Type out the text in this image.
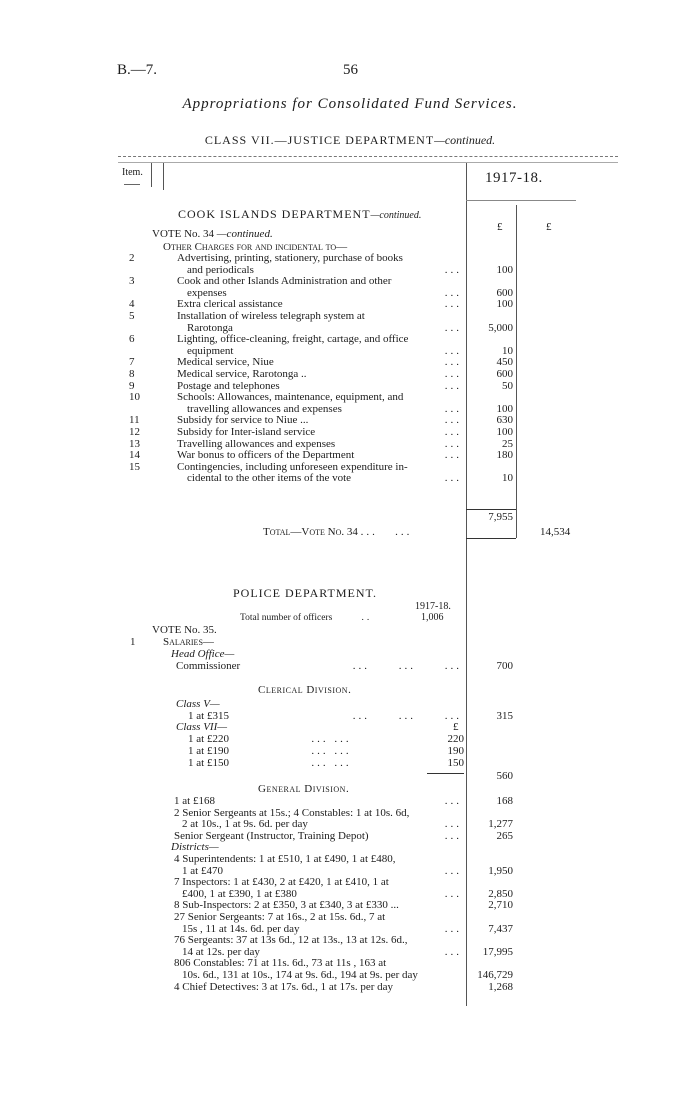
B.—7.	56
Appropriations for Consolidated Fund Services.
CLASS VII.—JUSTICE DEPARTMENT—continued.
Item.	1917-18.
£	£
COOK ISLANDS DEPARTMENT—continued.
VOTE No. 34 —continued.
Other Charges for and incidental to—
2	Advertising, printing, stationery, purchase of books	

	and periodicals ...	100
3	Cook and other Islands Administration and other	

	expenses ...	600
4	Extra clerical assistance ...	100
5	Installation of wireless telegraph system at	

	Rarotonga ...	5,000
6	Lighting, office-cleaning, freight, cartage, and office	

	equipment ...	10
7	Medical service, Niue ...	450
8	Medical service, Rarotonga .. ...	600
9	Postage and telephones ...	50
10	Schools: Allowances, maintenance, equipment, and	

	travelling allowances and expenses ...	100
11	Subsidy for service to Niue ... ...	630
12	Subsidy for Inter-island service ...	100
13	Travelling allowances and expenses ...	25
14	War bonus to officers of the Department ...	180
15	Contingencies, including unforeseen expenditure in-	

	cidental to the other items of the vote ...	10
7,955
Total—Vote No. 34 ...   ...	14,534
POLICE DEPARTMENT.
1917-18.
Total number of officers      ..	1,006
VOTE No. 35.
1	Salaries—
Head Office—
Commissioner	...     ...     ...	700
Clerical Division.
Class V—
1 at £315	...     ...     ...	315
Class VII—	£
1 at £220	... ...	220
1 at £190	... ...	190
1 at £150	... ...	150
560
General Division.
1 at £168 ...	168
2 Senior Sergeants at 15s.; 4 Constables: 1 at 10s. 6d,	

2 at 10s., 1 at 9s. 6d. per day ...	1,277

Senior Sergeant (Instructor, Training Depot) ...	265
Districts—
4 Superintendents: 1 at £510, 1 at £490, 1 at £480,	

1 at £470 ...	1,950
7 Inspectors: 1 at £430, 2 at £420, 1 at £410, 1 at	

£400, 1 at £390, 1 at £380 ...	2,850

8 Sub-Inspectors: 2 at £350, 3 at £340, 3 at £330 ...	2,710
27 Senior Sergeants: 7 at 16s., 2 at 15s. 6d., 7 at	

15s , 11 at 14s. 6d. per day ...	7,437
76 Sergeants: 37 at 13s 6d., 12 at 13s., 13 at 12s. 6d.,	

14 at 12s. per day ...	17,995
806 Constables: 71 at 11s. 6d., 73 at 11s , 163 at	

10s. 6d., 131 at 10s., 174 at 9s. 6d., 194 at 9s. per day	146,729

4 Chief Detectives: 3 at 17s. 6d., 1 at 17s. per day	1,268
